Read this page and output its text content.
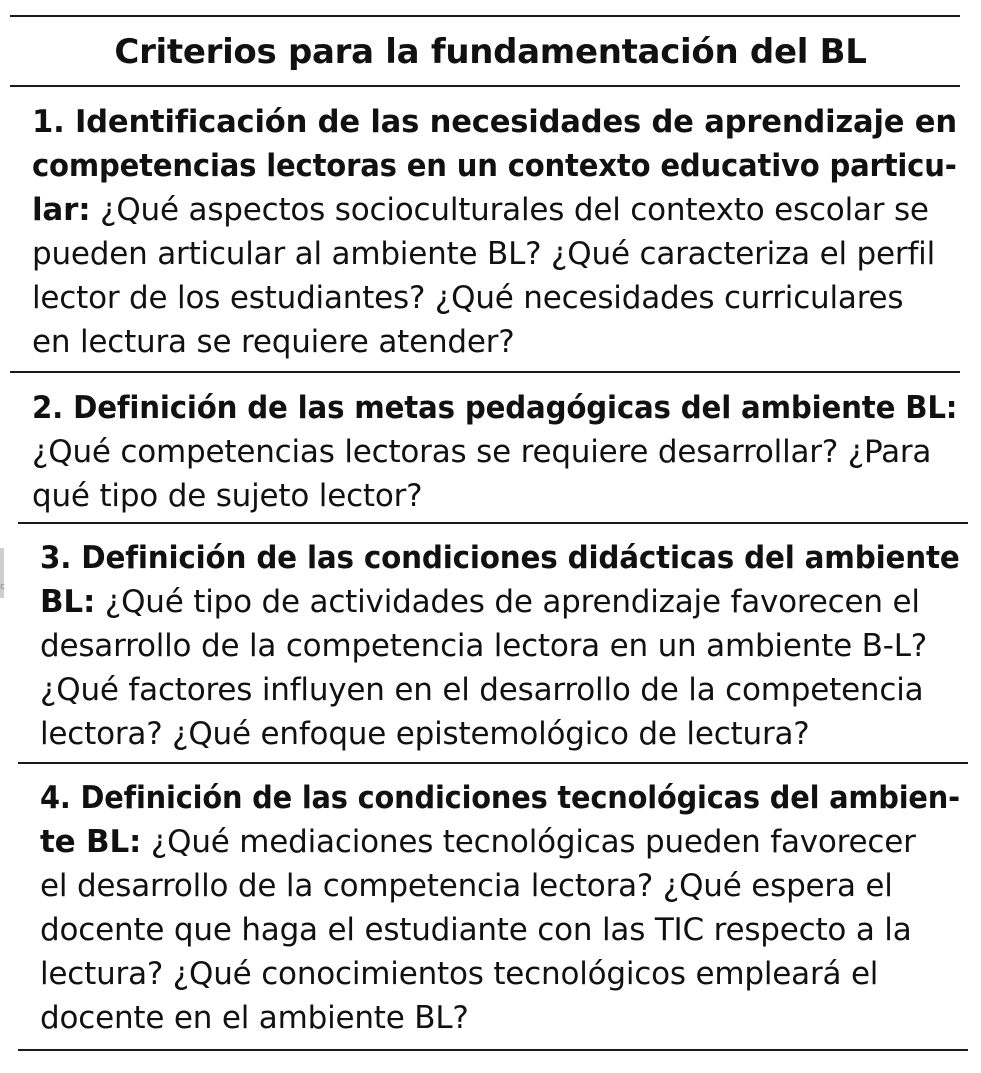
c
Criterios para la fundamentación del BL
1. Identificación de las necesidades de aprendizaje en
competencias lectoras en un contexto educativo particu-
lar: ¿Qué aspectos socioculturales del contexto escolar se
pueden articular al ambiente BL? ¿Qué caracteriza el perfil
lector de los estudiantes? ¿Qué necesidades curriculares
en lectura se requiere atender?
2. Definición de las metas pedagógicas del ambiente BL:
¿Qué competencias lectoras se requiere desarrollar? ¿Para
qué tipo de sujeto lector?
3. Definición de las condiciones didácticas del ambiente
BL: ¿Qué tipo de actividades de aprendizaje favorecen el
desarrollo de la competencia lectora en un ambiente B-L?
¿Qué factores influyen en el desarrollo de la competencia
lectora? ¿Qué enfoque epistemológico de lectura?
4. Definición de las condiciones tecnológicas del ambien-
te BL: ¿Qué mediaciones tecnológicas pueden favorecer
el desarrollo de la competencia lectora? ¿Qué espera el
docente que haga el estudiante con las TIC respecto a la
lectura? ¿Qué conocimientos tecnológicos empleará el
docente en el ambiente BL?
